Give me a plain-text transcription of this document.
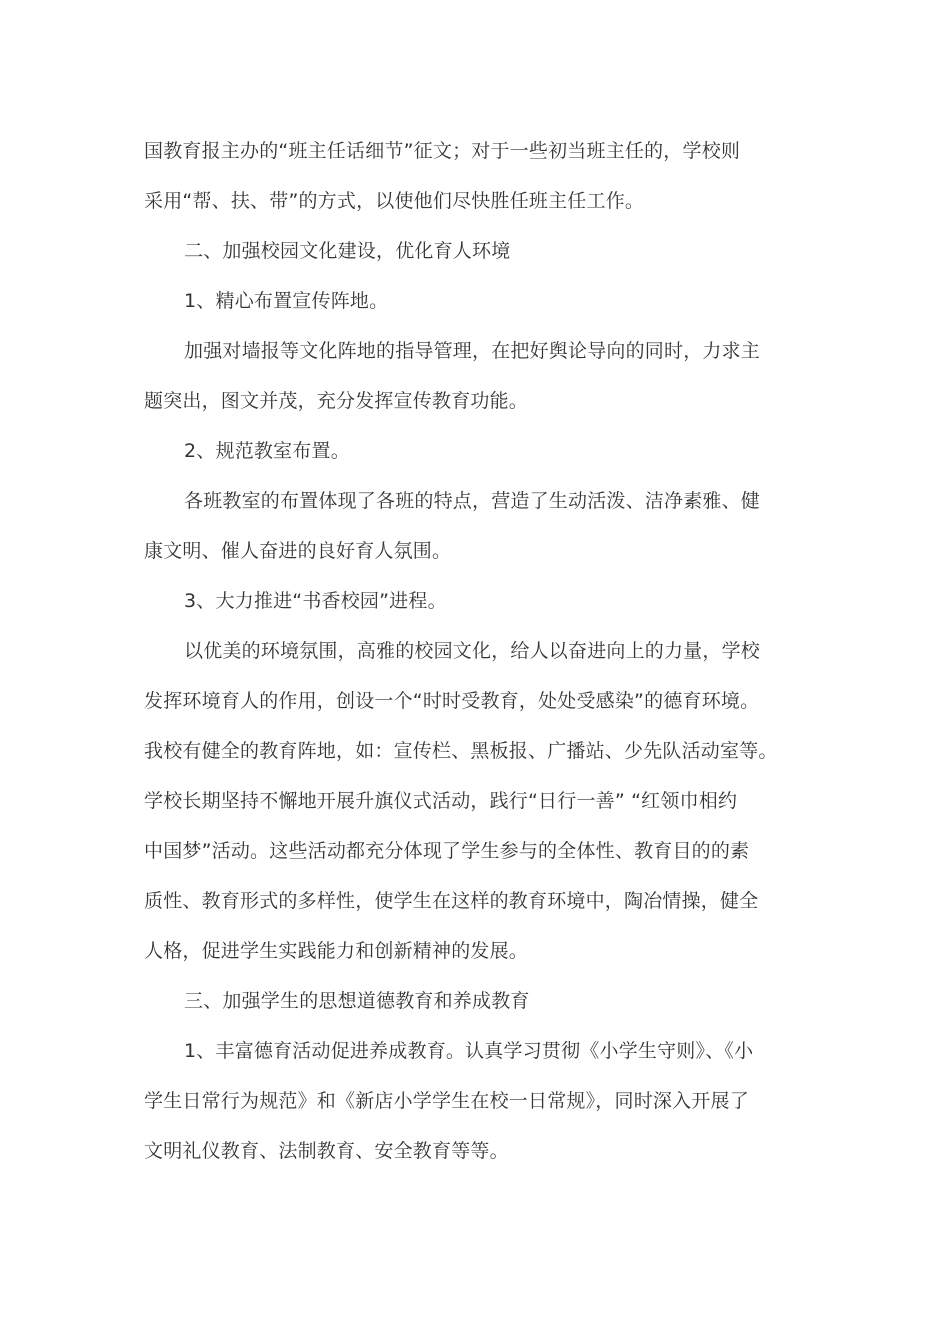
国教育报主办的“班主任话细节”征文；对于一些初当班主任的，学校则
采用“帮、扶、带”的方式，以使他们尽快胜任班主任工作。
二、加强校园文化建设，优化育人环境
1、精心布置宣传阵地。
加强对墙报等文化阵地的指导管理，在把好舆论导向的同时，力求主
题突出，图文并茂，充分发挥宣传教育功能。
2、规范教室布置。
各班教室的布置体现了各班的特点，营造了生动活泼、洁净素雅、健
康文明、催人奋进的良好育人氛围。
3、大力推进“书香校园”进程。
以优美的环境氛围，高雅的校园文化，给人以奋进向上的力量，学校
发挥环境育人的作用，创设一个“时时受教育，处处受感染”的德育环境。
我校有健全的教育阵地，如：宣传栏、黑板报、广播站、少先队活动室等。
学校长期坚持不懈地开展升旗仪式活动，践行“日行一善” “红领巾相约
中国梦”活动。这些活动都充分体现了学生参与的全体性、教育目的的素
质性、教育形式的多样性，使学生在这样的教育环境中，陶冶情操，健全
人格，促进学生实践能力和创新精神的发展。
三、加强学生的思想道德教育和养成教育
1、丰富德育活动促进养成教育。认真学习贯彻《小学生守则》、《小
学生日常行为规范》和《新店小学学生在校一日常规》，同时深入开展了
文明礼仪教育、法制教育、安全教育等等。
